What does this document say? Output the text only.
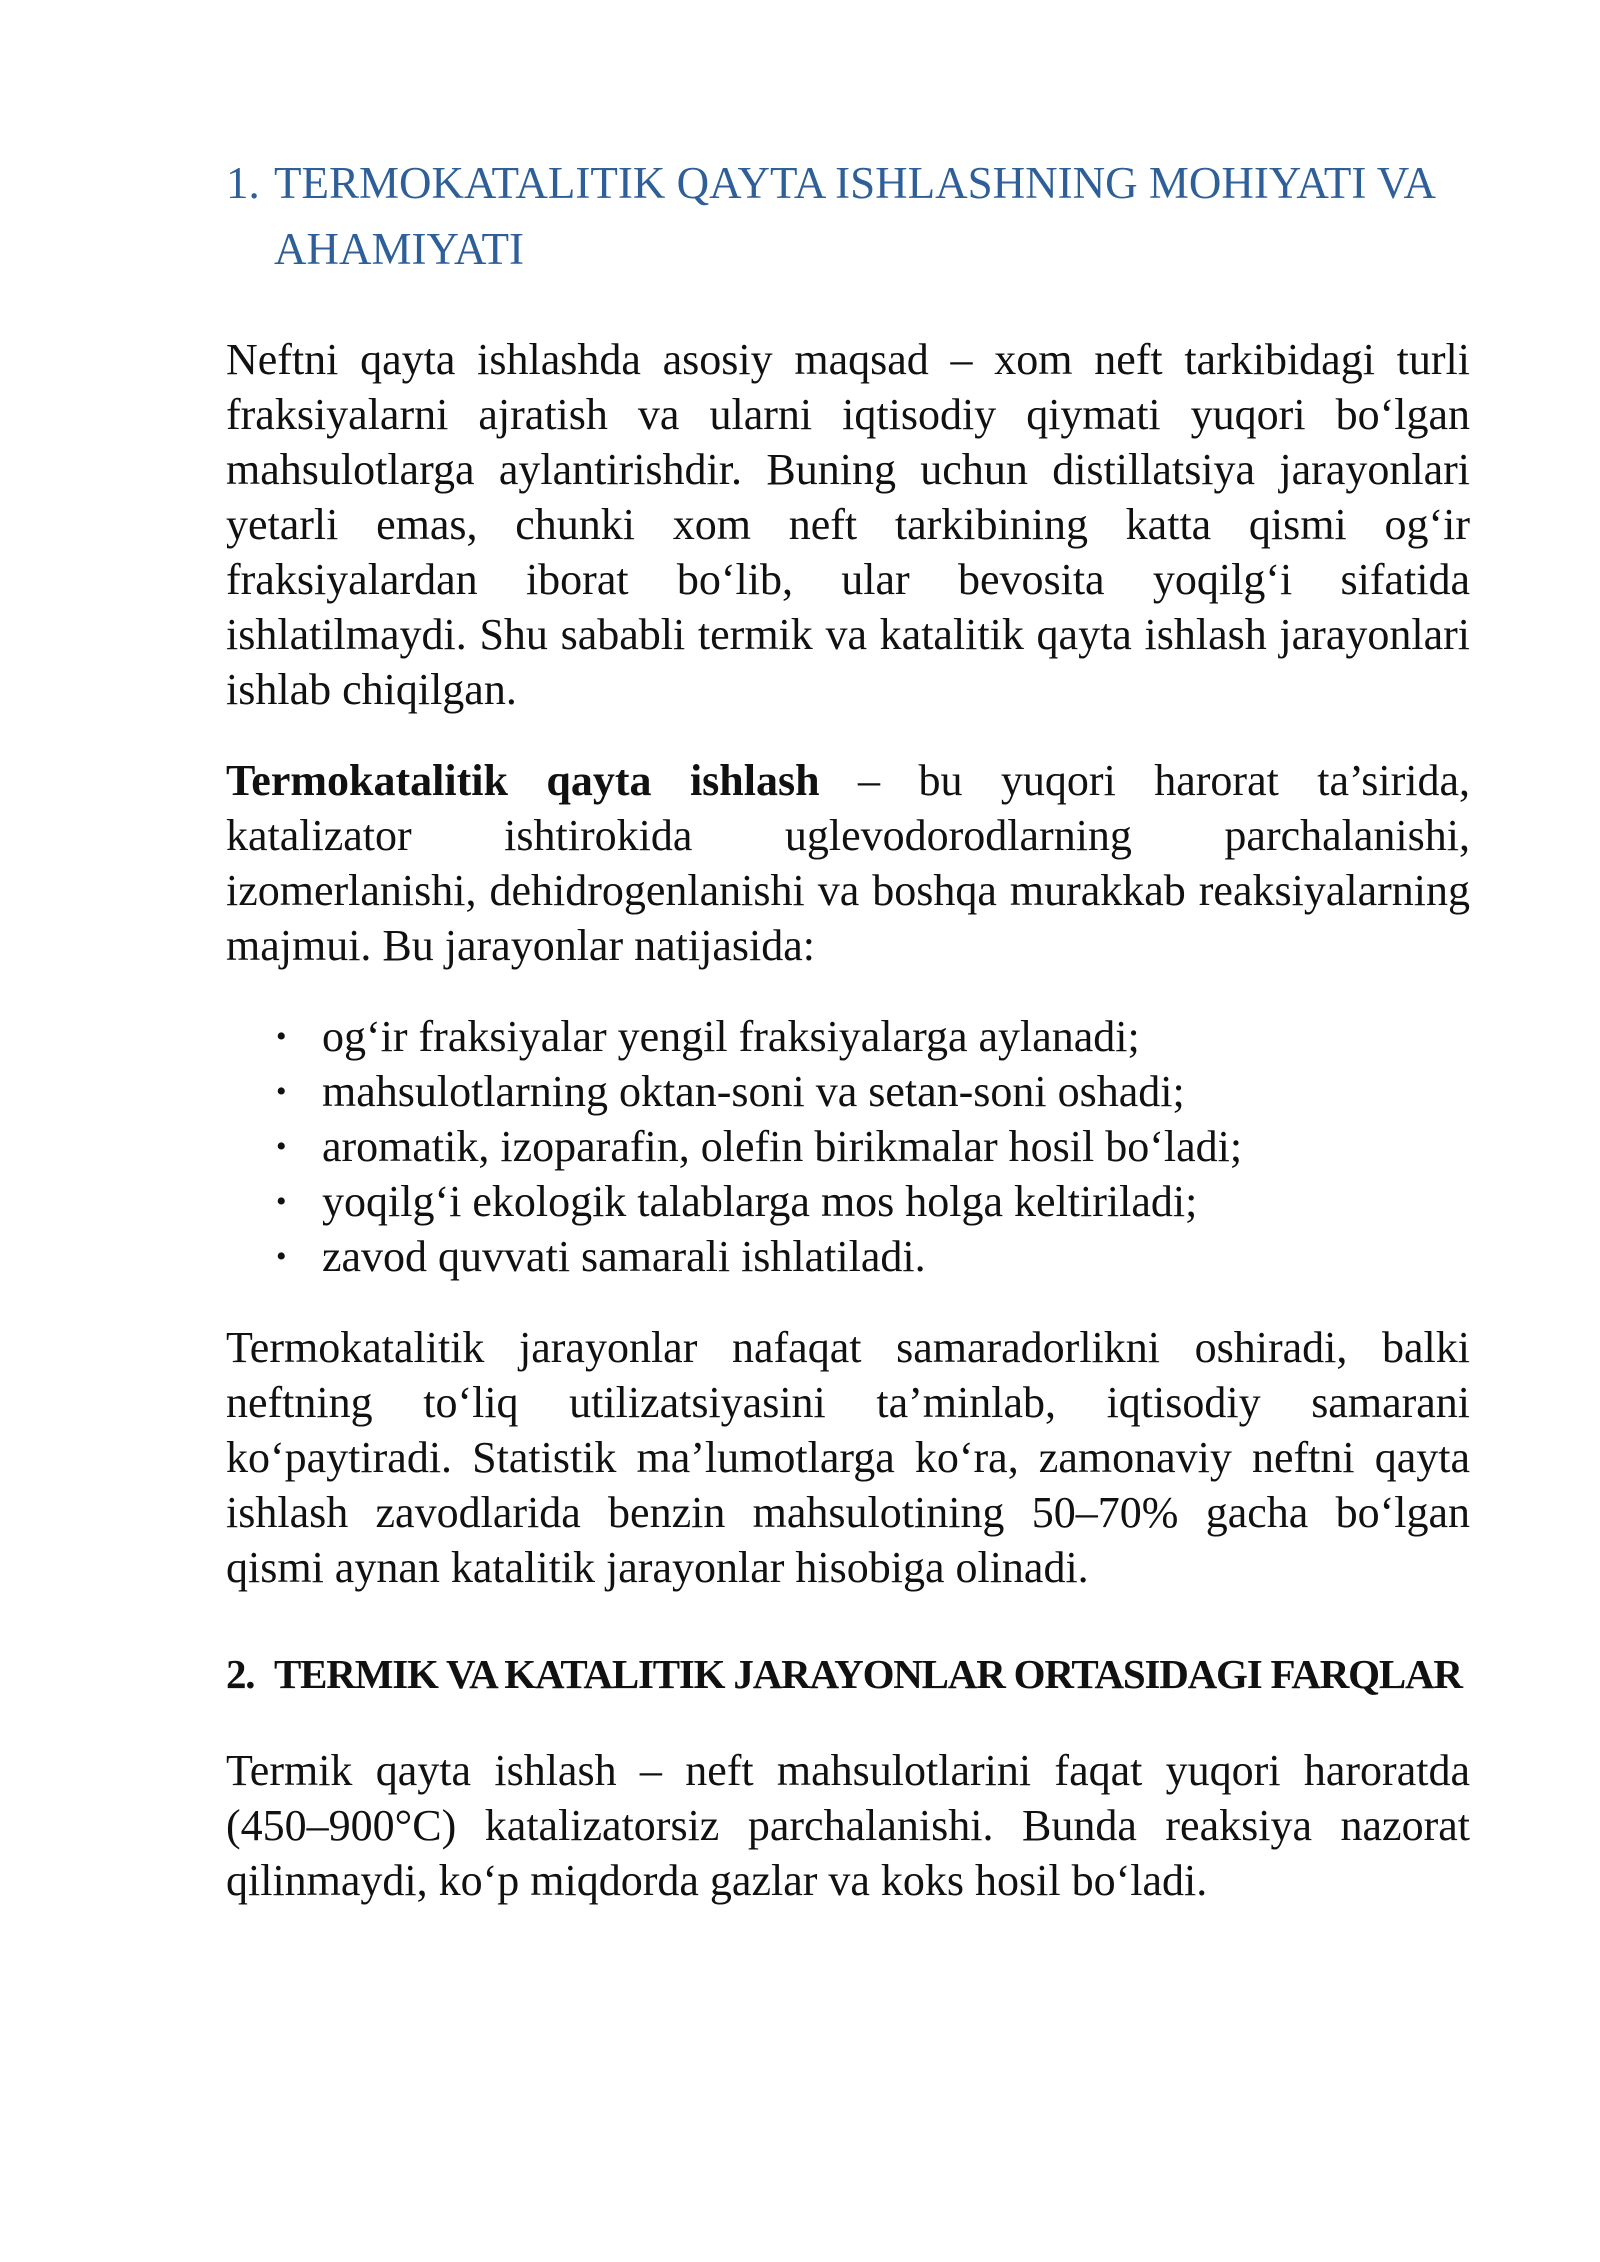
1. TERMOKATALITIK QAYTA ISHLASHNING MOHIYATI VA AHAMIYATI

Neftni qayta ishlashda asosiy maqsad – xom neft tarkibidagi turli fraksiyalarni ajratish va ularni iqtisodiy qiymati yuqori bo‘lgan mahsulotlarga aylantirishdir. Buning uchun distillatsiya jarayonlari yetarli emas, chunki xom neft tarkibining katta qismi og‘ir fraksiyalardan iborat bo‘lib, ular bevosita yoqilg‘i sifatida ishlatilmaydi. Shu sababli termik va katalitik qayta ishlash jarayonlari ishlab chiqilgan.

Termokatalitik qayta ishlash – bu yuqori harorat ta’sirida, katalizator ishtirokida uglevodorodlarning parchalanishi, izomerlanishi, dehidrogenlanishi va boshqa murakkab reaksiyalarning majmui. Bu jarayonlar natijasida:

• og‘ir fraksiyalar yengil fraksiyalarga aylanadi;
• mahsulotlarning oktan-soni va setan-soni oshadi;
• aromatik, izoparafin, olefin birikmalar hosil bo‘ladi;
• yoqilg‘i ekologik talablarga mos holga keltiriladi;
• zavod quvvati samarali ishlatiladi.

Termokatalitik jarayonlar nafaqat samaradorlikni oshiradi, balki neftning to‘liq utilizatsiyasini ta’minlab, iqtisodiy samarani ko‘paytiradi. Statistik ma’lumotlarga ko‘ra, zamonaviy neftni qayta ishlash zavodlarida benzin mahsulotining 50–70% gacha bo‘lgan qismi aynan katalitik jarayonlar hisobiga olinadi.

2. TERMIK VA KATALITIK JARAYONLAR ORTASIDAGI FARQLAR

Termik qayta ishlash – neft mahsulotlarini faqat yuqori haroratda (450–900°C) katalizatorsiz parchalanishi. Bunda reaksiya nazorat qilinmaydi, ko‘p miqdorda gazlar va koks hosil bo‘ladi.
